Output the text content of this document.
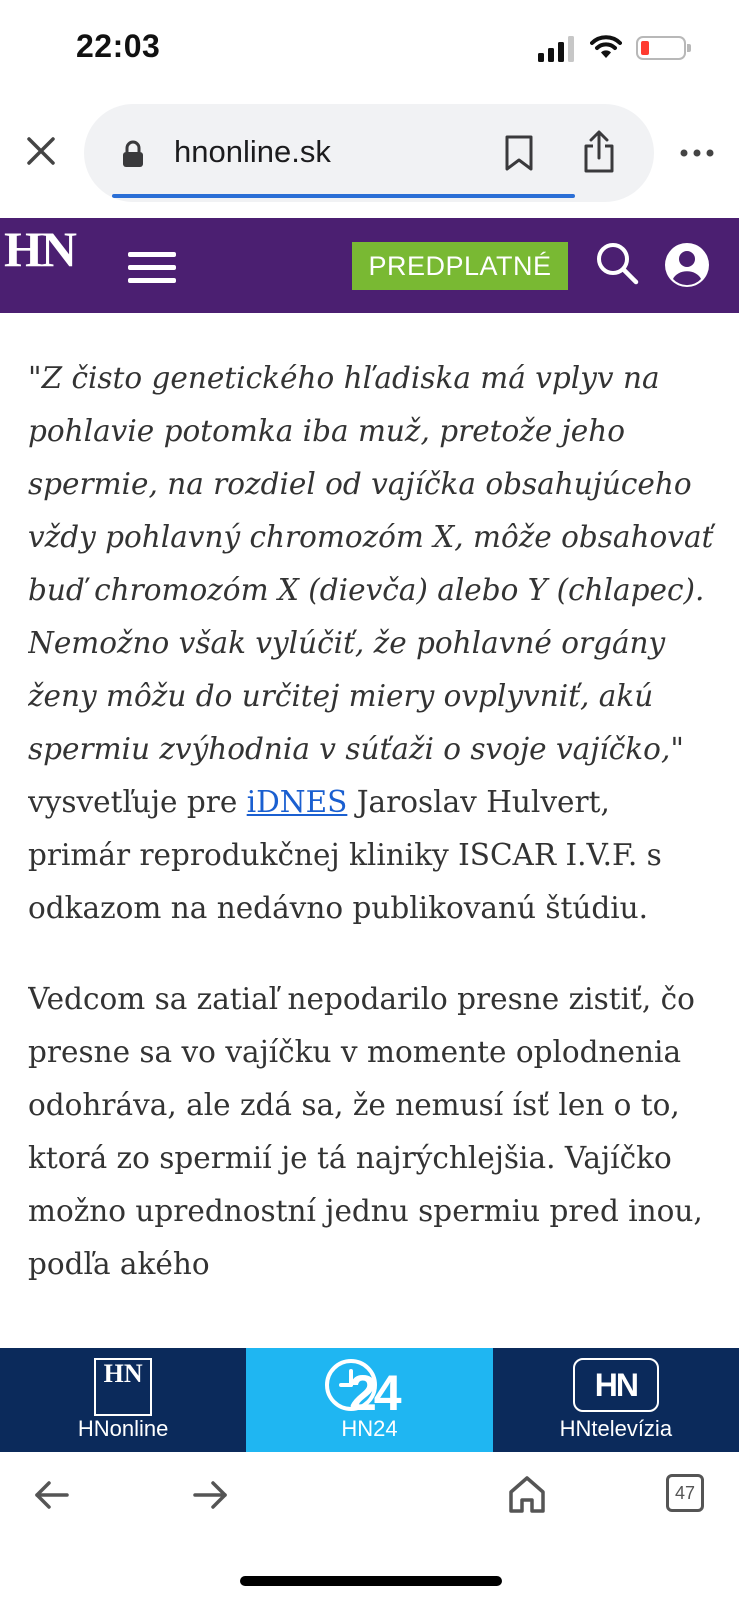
22:03
hnonline.sk
HN	PREDPLATNÉ

"Z čisto genetického hľadiska má vplyv na pohlavie potomka iba muž, pretože jeho spermie, na rozdiel od vajíčka obsahujúceho vždy pohlavný chromozóm X, môže obsahovať buď chromozóm X (dievča) alebo Y (chlapec). Nemožno však vylúčiť, že pohlavné orgány ženy môžu do určitej miery ovplyvniť, akú spermiu zvýhodnia v súťaži o svoje vajíčko," vysvetľuje pre iDNES Jaroslav Hulvert, primár reprodukčnej kliniky ISCAR I.V.F. s odkazom na nedávno publikovanú štúdiu.

Vedcom sa zatiaľ nepodarilo presne zistiť, čo presne sa vo vajíčku v momente oplodnenia odohráva, ale zdá sa, že nemusí ísť len o to, ktorá zo spermií je tá najrýchlejšia. Vajíčko možno uprednostní jednu spermiu pred inou, podľa akého

HN
HNonline
24
HN24
HN
HNtelevízia
47
